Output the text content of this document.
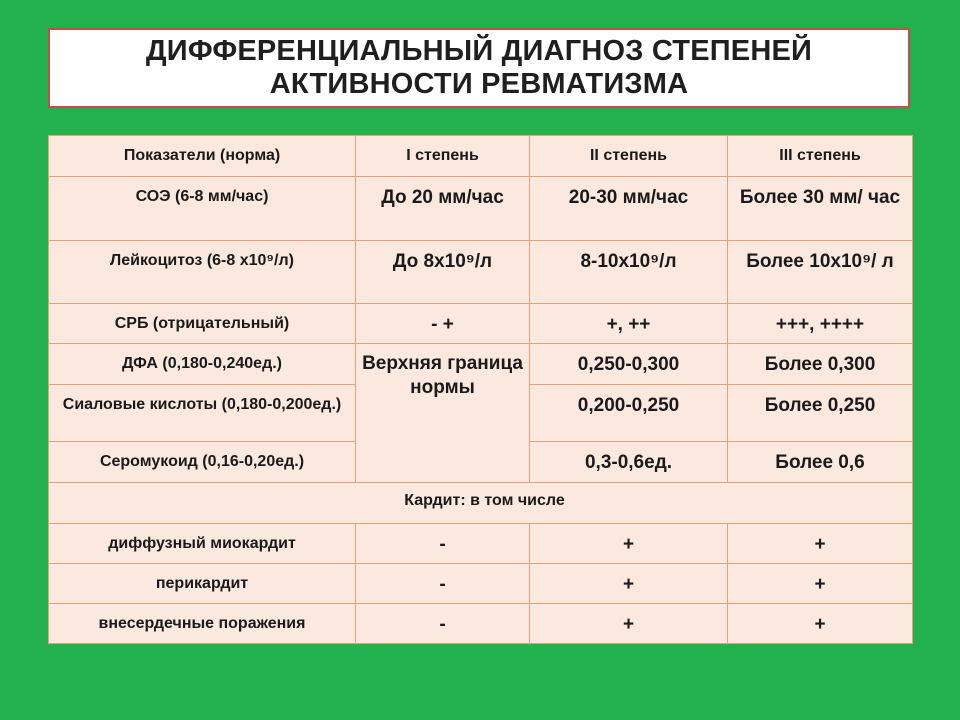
ДИФФЕРЕНЦИАЛЬНЫЙ ДИАГНОЗ СТЕПЕНЕЙ
АКТИВНОСТИ РЕВМАТИЗМА
Показатели (норма)	I степень	II степень	III степень
СОЭ (6-8 мм/час)	До 20 мм/час	20-30 мм/час	Более 30 мм/ час
Лейкоцитоз (6-8 x10⁹/л)	До 8x10⁹/л	8-10x10⁹/л	Более 10x10⁹/ л
СРБ (отрицательный)	- +	+, ++	+++, ++++
ДФА (0,180-0,240ед.)	Верхняя граница нормы	0,250-0,300	Более 0,300
Сиаловые кислоты (0,180-0,200ед.)		0,200-0,250	Более 0,250
Серомукоид (0,16-0,20ед.)		0,3-0,6ед.	Более 0,6
Кардит: в том числе			
диффузный миокардит	-	+	+
перикардит	-	+	+
внесердечные поражения	-	+	+
